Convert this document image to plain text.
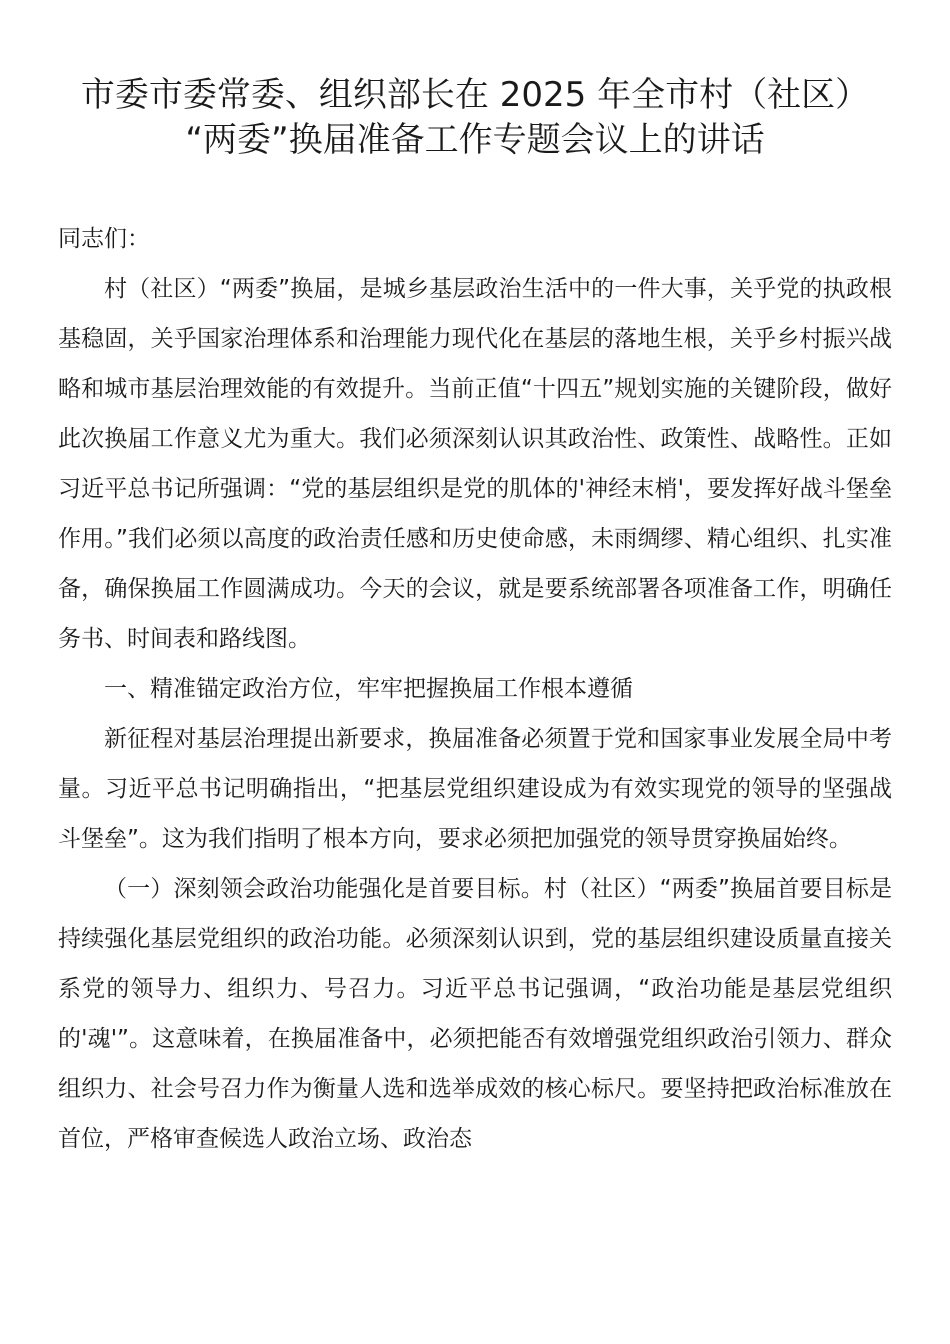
市委市委常委、组织部长在 2025 年全市村（社区）
“两委”换届准备工作专题会议上的讲话

同志们：

村（社区）“两委”换届，是城乡基层政治生活中的一件大事，关乎党的执政根基稳固，关乎国家治理体系和治理能力现代化在基层的落地生根，关乎乡村振兴战略和城市基层治理效能的有效提升。当前正值“十四五”规划实施的关键阶段，做好此次换届工作意义尤为重大。我们必须深刻认识其政治性、政策性、战略性。正如习近平总书记所强调：“党的基层组织是党的肌体的'神经末梢'，要发挥好战斗堡垒作用。”我们必须以高度的政治责任感和历史使命感，未雨绸缪、精心组织、扎实准备，确保换届工作圆满成功。今天的会议，就是要系统部署各项准备工作，明确任务书、时间表和路线图。

一、精准锚定政治方位，牢牢把握换届工作根本遵循

新征程对基层治理提出新要求，换届准备必须置于党和国家事业发展全局中考量。习近平总书记明确指出，“把基层党组织建设成为有效实现党的领导的坚强战斗堡垒”。这为我们指明了根本方向，要求必须把加强党的领导贯穿换届始终。

（一）深刻领会政治功能强化是首要目标。村（社区）“两委”换届首要目标是持续强化基层党组织的政治功能。必须深刻认识到，党的基层组织建设质量直接关系党的领导力、组织力、号召力。习近平总书记强调，“政治功能是基层党组织的'魂'”。这意味着，在换届准备中，必须把能否有效增强党组织政治引领力、群众组织力、社会号召力作为衡量人选和选举成效的核心标尺。要坚持把政治标准放在首位，严格审查候选人政治立场、政治态
